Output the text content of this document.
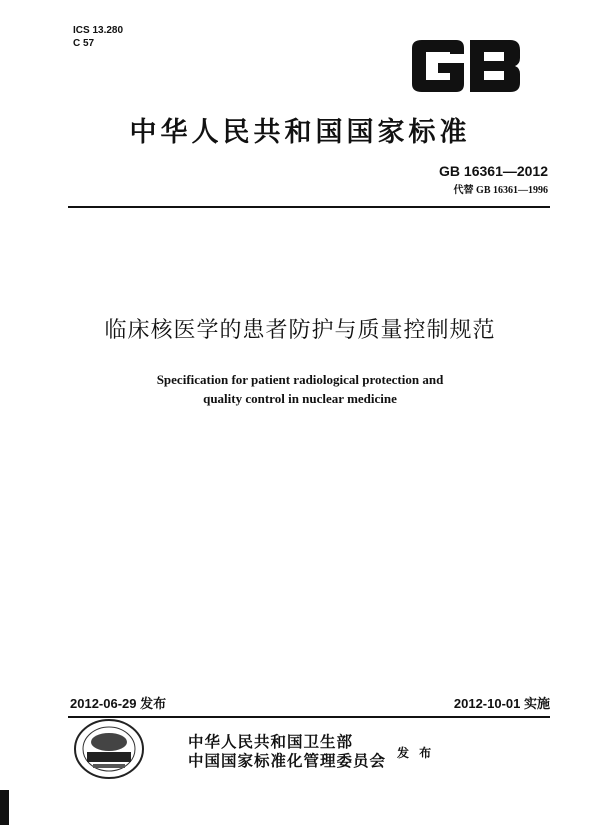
ICS 13.280
C 57
中华人民共和国国家标准
GB 16361—2012
代替 GB 16361—1996
临床核医学的患者防护与质量控制规范
Specification for patient radiological protection and
quality control in nuclear medicine
2012-06-29 发布	2012-10-01 实施
中华人民共和国卫生部
中国国家标准化管理委员会 发 布
